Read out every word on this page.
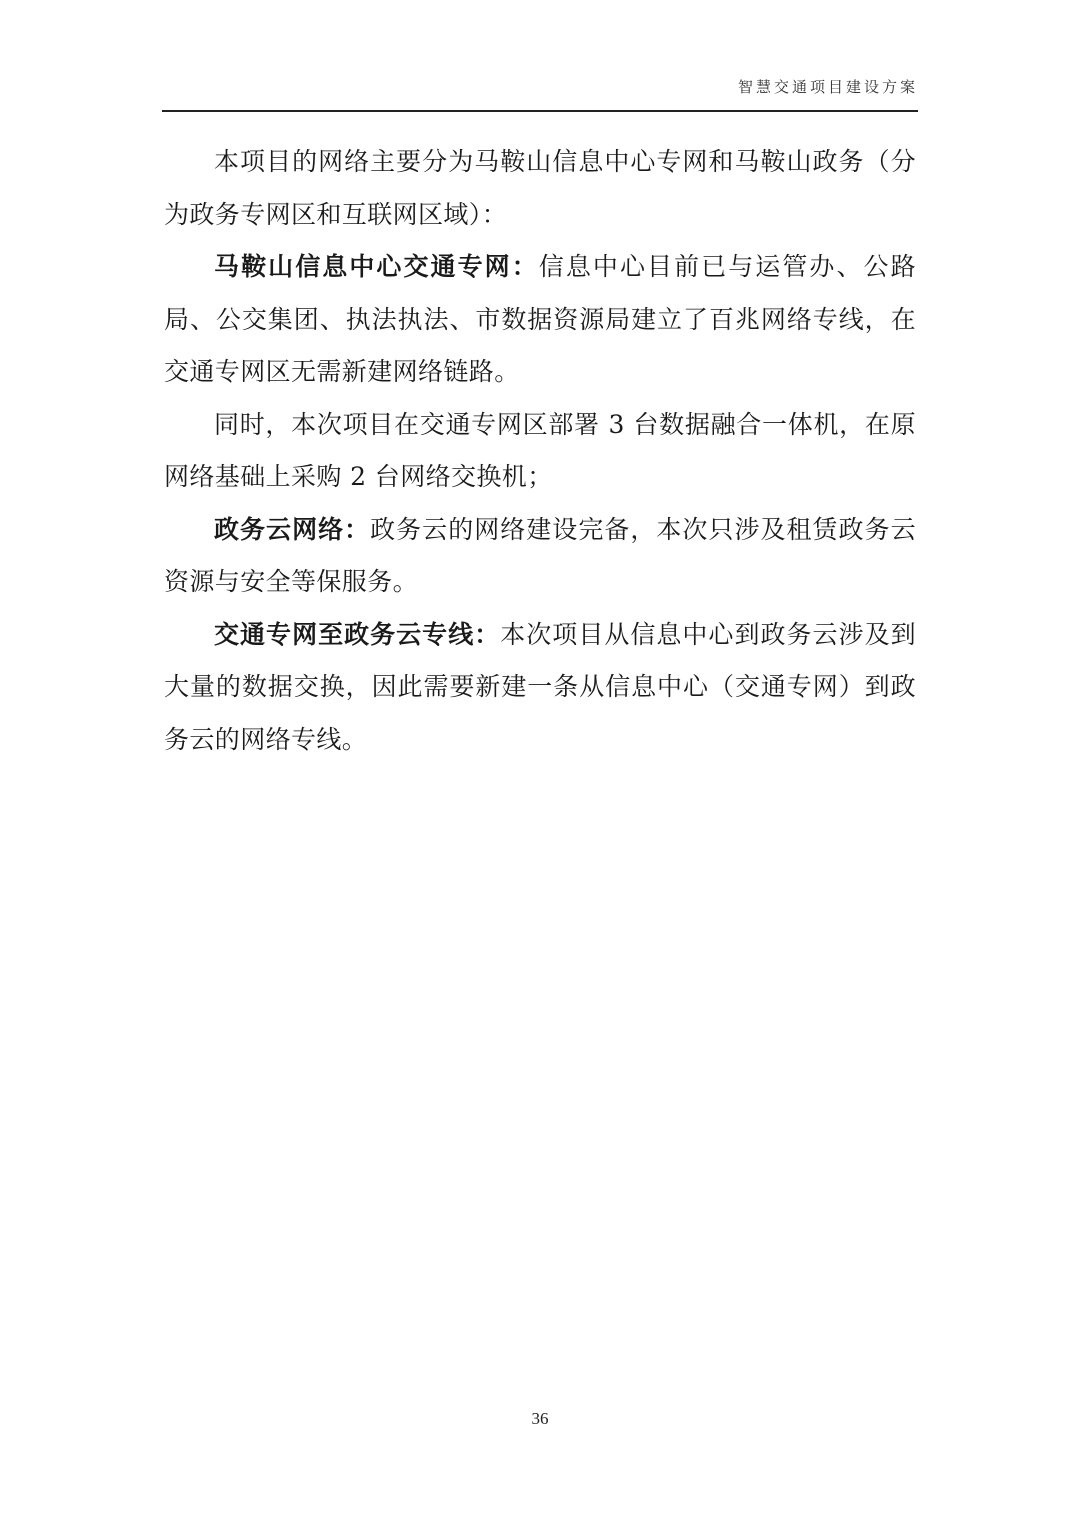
智慧交通项目建设方案

本项目的网络主要分为马鞍山信息中心专网和马鞍山政务（分为政务专网区和互联网区域）：

马鞍山信息中心交通专网：信息中心目前已与运管办、公路局、公交集团、执法执法、市数据资源局建立了百兆网络专线，在交通专网区无需新建网络链路。

同时，本次项目在交通专网区部署 3 台数据融合一体机，在原网络基础上采购 2 台网络交换机；

政务云网络：政务云的网络建设完备，本次只涉及租赁政务云资源与安全等保服务。

交通专网至政务云专线：本次项目从信息中心到政务云涉及到大量的数据交换，因此需要新建一条从信息中心（交通专网）到政务云的网络专线。

36
